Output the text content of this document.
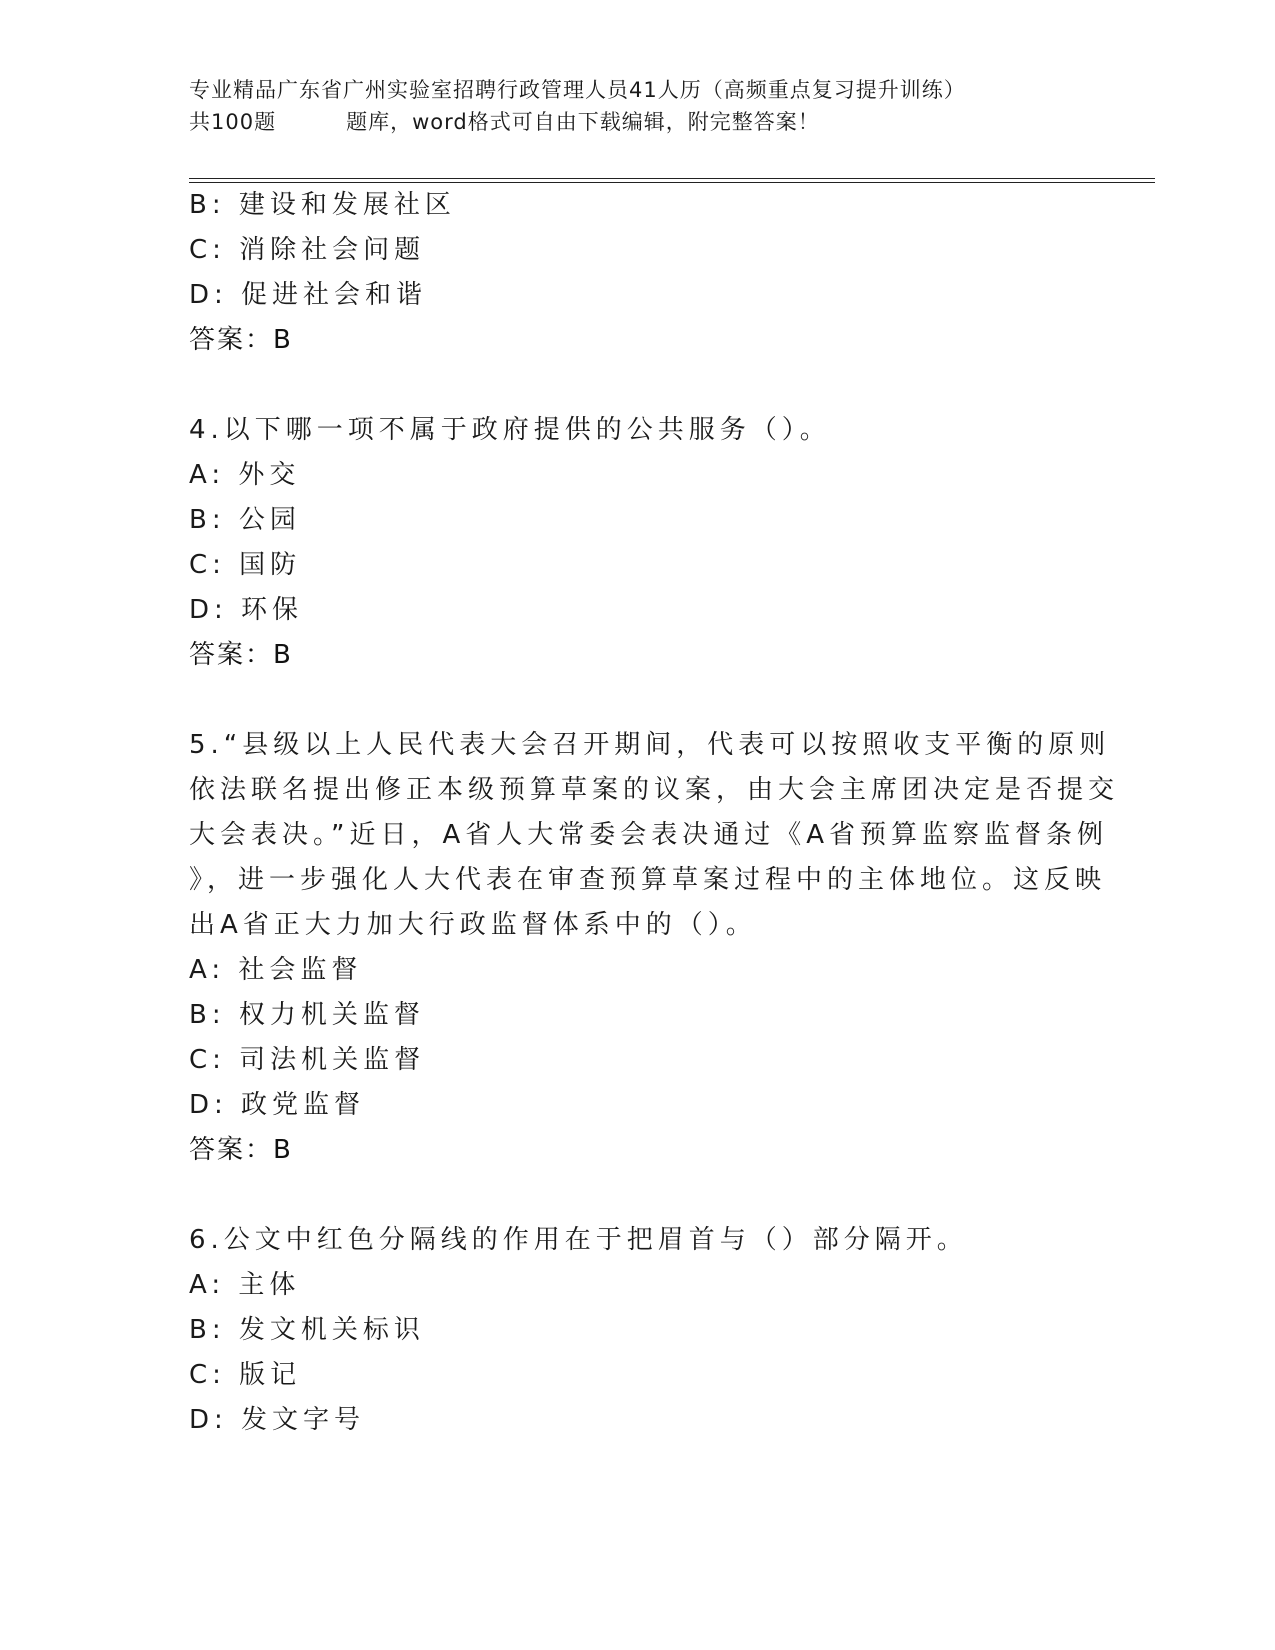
专业精品广东省广州实验室招聘行政管理人员41人历（高频重点复习提升训练）
共100题	题库，word格式可自由下载编辑，附完整答案！
B: 建设和发展社区
C: 消除社会问题
D: 促进社会和谐
答案：B
4.以下哪一项不属于政府提供的公共服务（）。
A: 外交
B: 公园
C: 国防
D: 环保
答案：B
5.“县级以上人民代表大会召开期间，代表可以按照收支平衡的原则
依法联名提出修正本级预算草案的议案，由大会主席团决定是否提交
大会表决。”近日，A省人大常委会表决通过《A省预算监察监督条例
》，进一步强化人大代表在审查预算草案过程中的主体地位。这反映
出A省正大力加大行政监督体系中的（）。
A: 社会监督
B: 权力机关监督
C: 司法机关监督
D: 政党监督
答案：B
6.公文中红色分隔线的作用在于把眉首与（）部分隔开。
A: 主体
B: 发文机关标识
C: 版记
D: 发文字号
